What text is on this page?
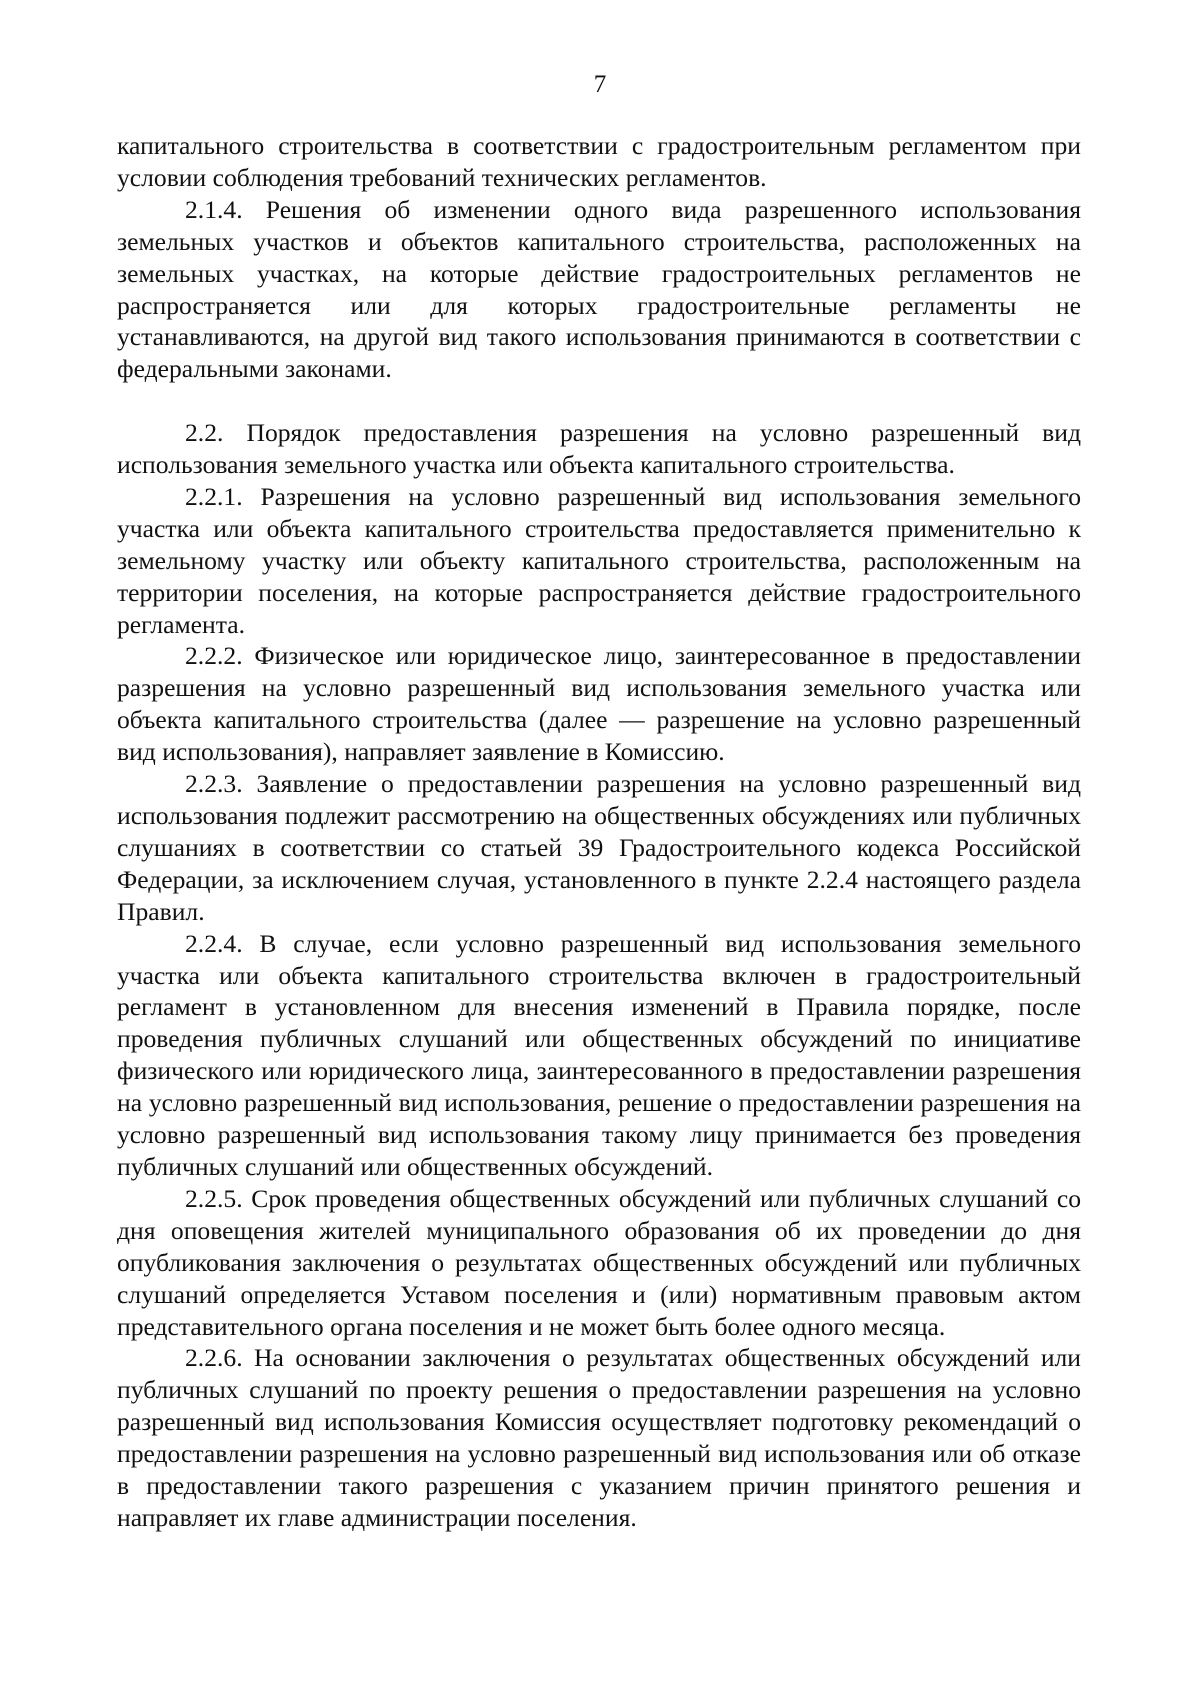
7

капитального строительства в соответствии с градостроительным регламентом при условии соблюдения требований технических регламентов.

2.1.4. Решения об изменении одного вида разрешенного использования земельных участков и объектов капитального строительства, расположенных на земельных участках, на которые действие градостроительных регламентов не распространяется или для которых градостроительные регламенты не устанавливаются, на другой вид такого использования принимаются в соответствии с федеральными законами.

2.2. Порядок предоставления разрешения на условно разрешенный вид использования земельного участка или объекта капитального строительства.

2.2.1. Разрешения на условно разрешенный вид использования земельного участка или объекта капитального строительства предоставляется применительно к земельному участку или объекту капитального строительства, расположенным на территории поселения, на которые распространяется действие градостроительного регламента.

2.2.2. Физическое или юридическое лицо, заинтересованное в предоставлении разрешения на условно разрешенный вид использования земельного участка или объекта капитального строительства (далее — разрешение на условно разрешенный вид использования), направляет заявление в Комиссию.

2.2.3. Заявление о предоставлении разрешения на условно разрешенный вид использования подлежит рассмотрению на общественных обсуждениях или публичных слушаниях в соответствии со статьей 39 Градостроительного кодекса Российской Федерации, за исключением случая, установленного в пункте 2.2.4 настоящего раздела Правил.

2.2.4. В случае, если условно разрешенный вид использования земельного участка или объекта капитального строительства включен в градостроительный регламент в установленном для внесения изменений в Правила порядке, после проведения публичных слушаний или общественных обсуждений по инициативе физического или юридического лица, заинтересованного в предоставлении разрешения на условно разрешенный вид использования, решение о предоставлении разрешения на условно разрешенный вид использования такому лицу принимается без проведения публичных слушаний или общественных обсуждений.

2.2.5. Срок проведения общественных обсуждений или публичных слушаний со дня оповещения жителей муниципального образования об их проведении до дня опубликования заключения о результатах общественных обсуждений или публичных слушаний определяется Уставом поселения и (или) нормативным правовым актом представительного органа поселения и не может быть более одного месяца.

2.2.6. На основании заключения о результатах общественных обсуждений или публичных слушаний по проекту решения о предоставлении разрешения на условно разрешенный вид использования Комиссия осуществляет подготовку рекомендаций о предоставлении разрешения на условно разрешенный вид использования или об отказе в предоставлении такого разрешения с указанием причин принятого решения и направляет их главе администрации поселения.
